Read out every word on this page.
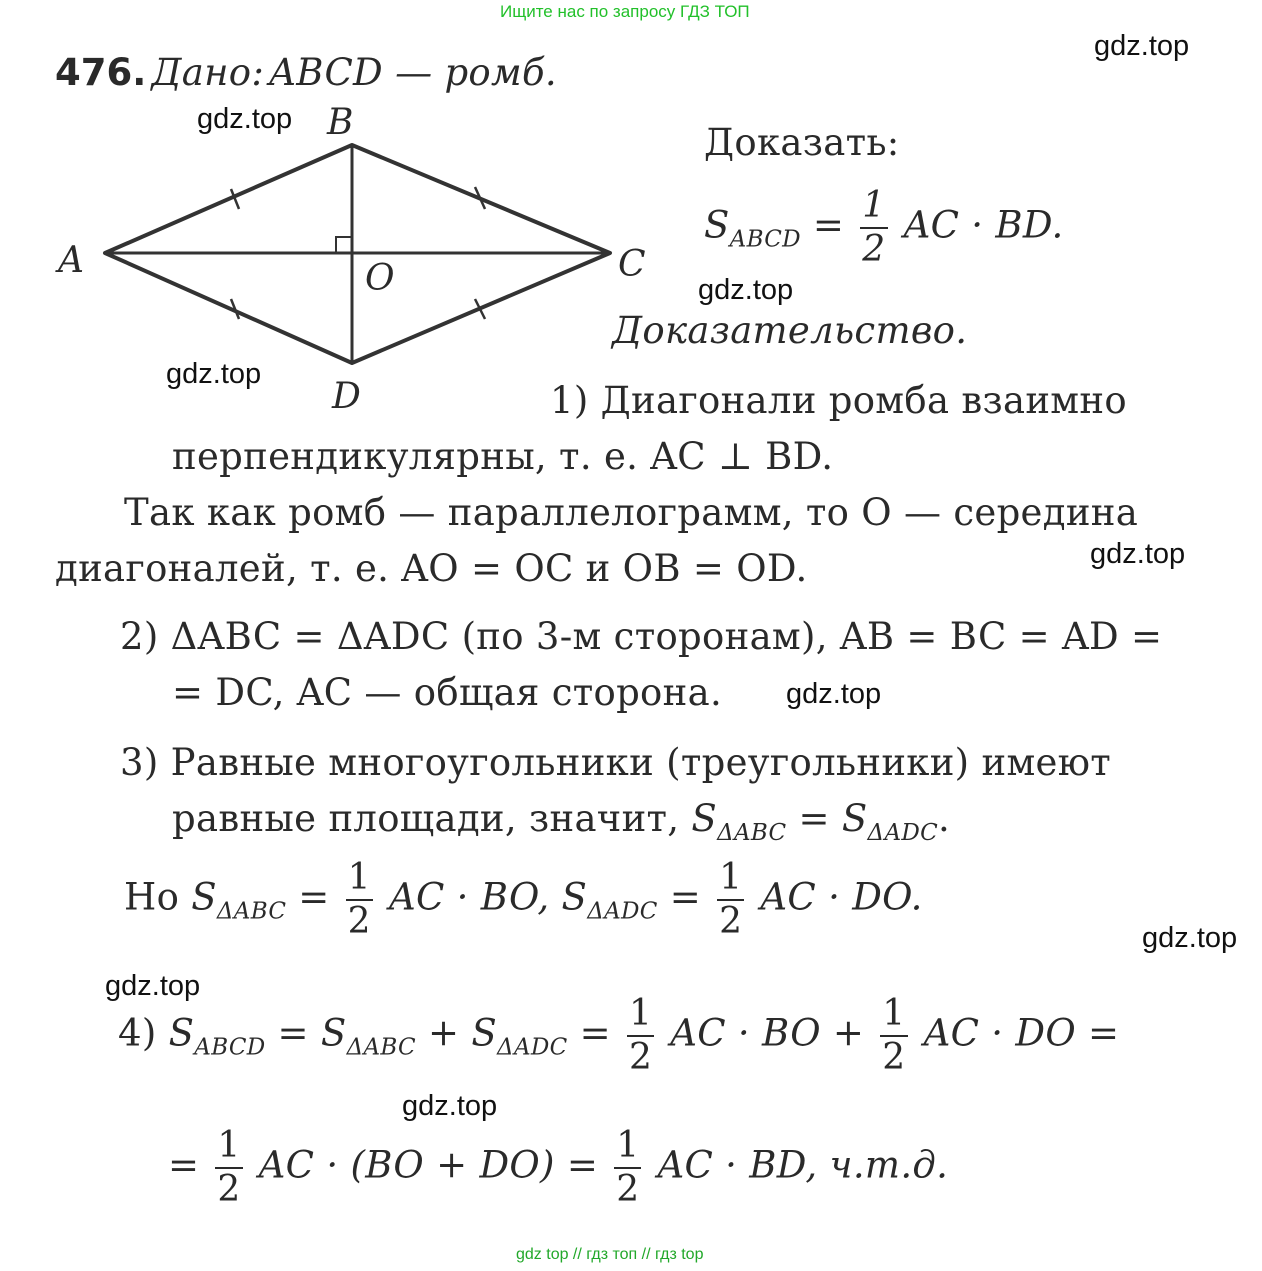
Ищите нас по запросу ГДЗ ТОП
gdz.top
gdz.top
gdz.top
gdz.top
gdz.top
gdz.top
gdz.top
gdz.top
gdz.top
476. Дано: ABCD — ромб.
A
B
C
D
O
Доказать:
$S_{ABCD} = \frac{1}{2}$ AC · BD.
Доказательство.
1) Диагонали ромба взаимно
перпендикулярны, т. е. AC ⊥ BD.
Так как ромб — параллелограмм, то O — середина
диагоналей, т. е. AO = OC и OB = OD.
2) ΔABC = ΔADC (по 3-м сторонам), AB = BC = AD =
= DC, AC — общая сторона.
3) Равные многоугольники (треугольники) имеют
равные площади, значит, $S_{\Delta ABC} = S_{\Delta ADC}$.
Но $S_{\Delta ABC} = \frac{1}{2}$ AC · BO, $S_{\Delta ADC} = \frac{1}{2}$ AC · DO.
4) $S_{ABCD} = S_{\Delta ABC} + S_{\Delta ADC} = \frac{1}{2}$ AC · BO + $\frac{1}{2}$ AC · DO =
= $\frac{1}{2}$ AC · $(BO + DO) = \frac{1}{2}$ AC · BD, ч.т.д.
gdz top // гдз топ // гдз top
